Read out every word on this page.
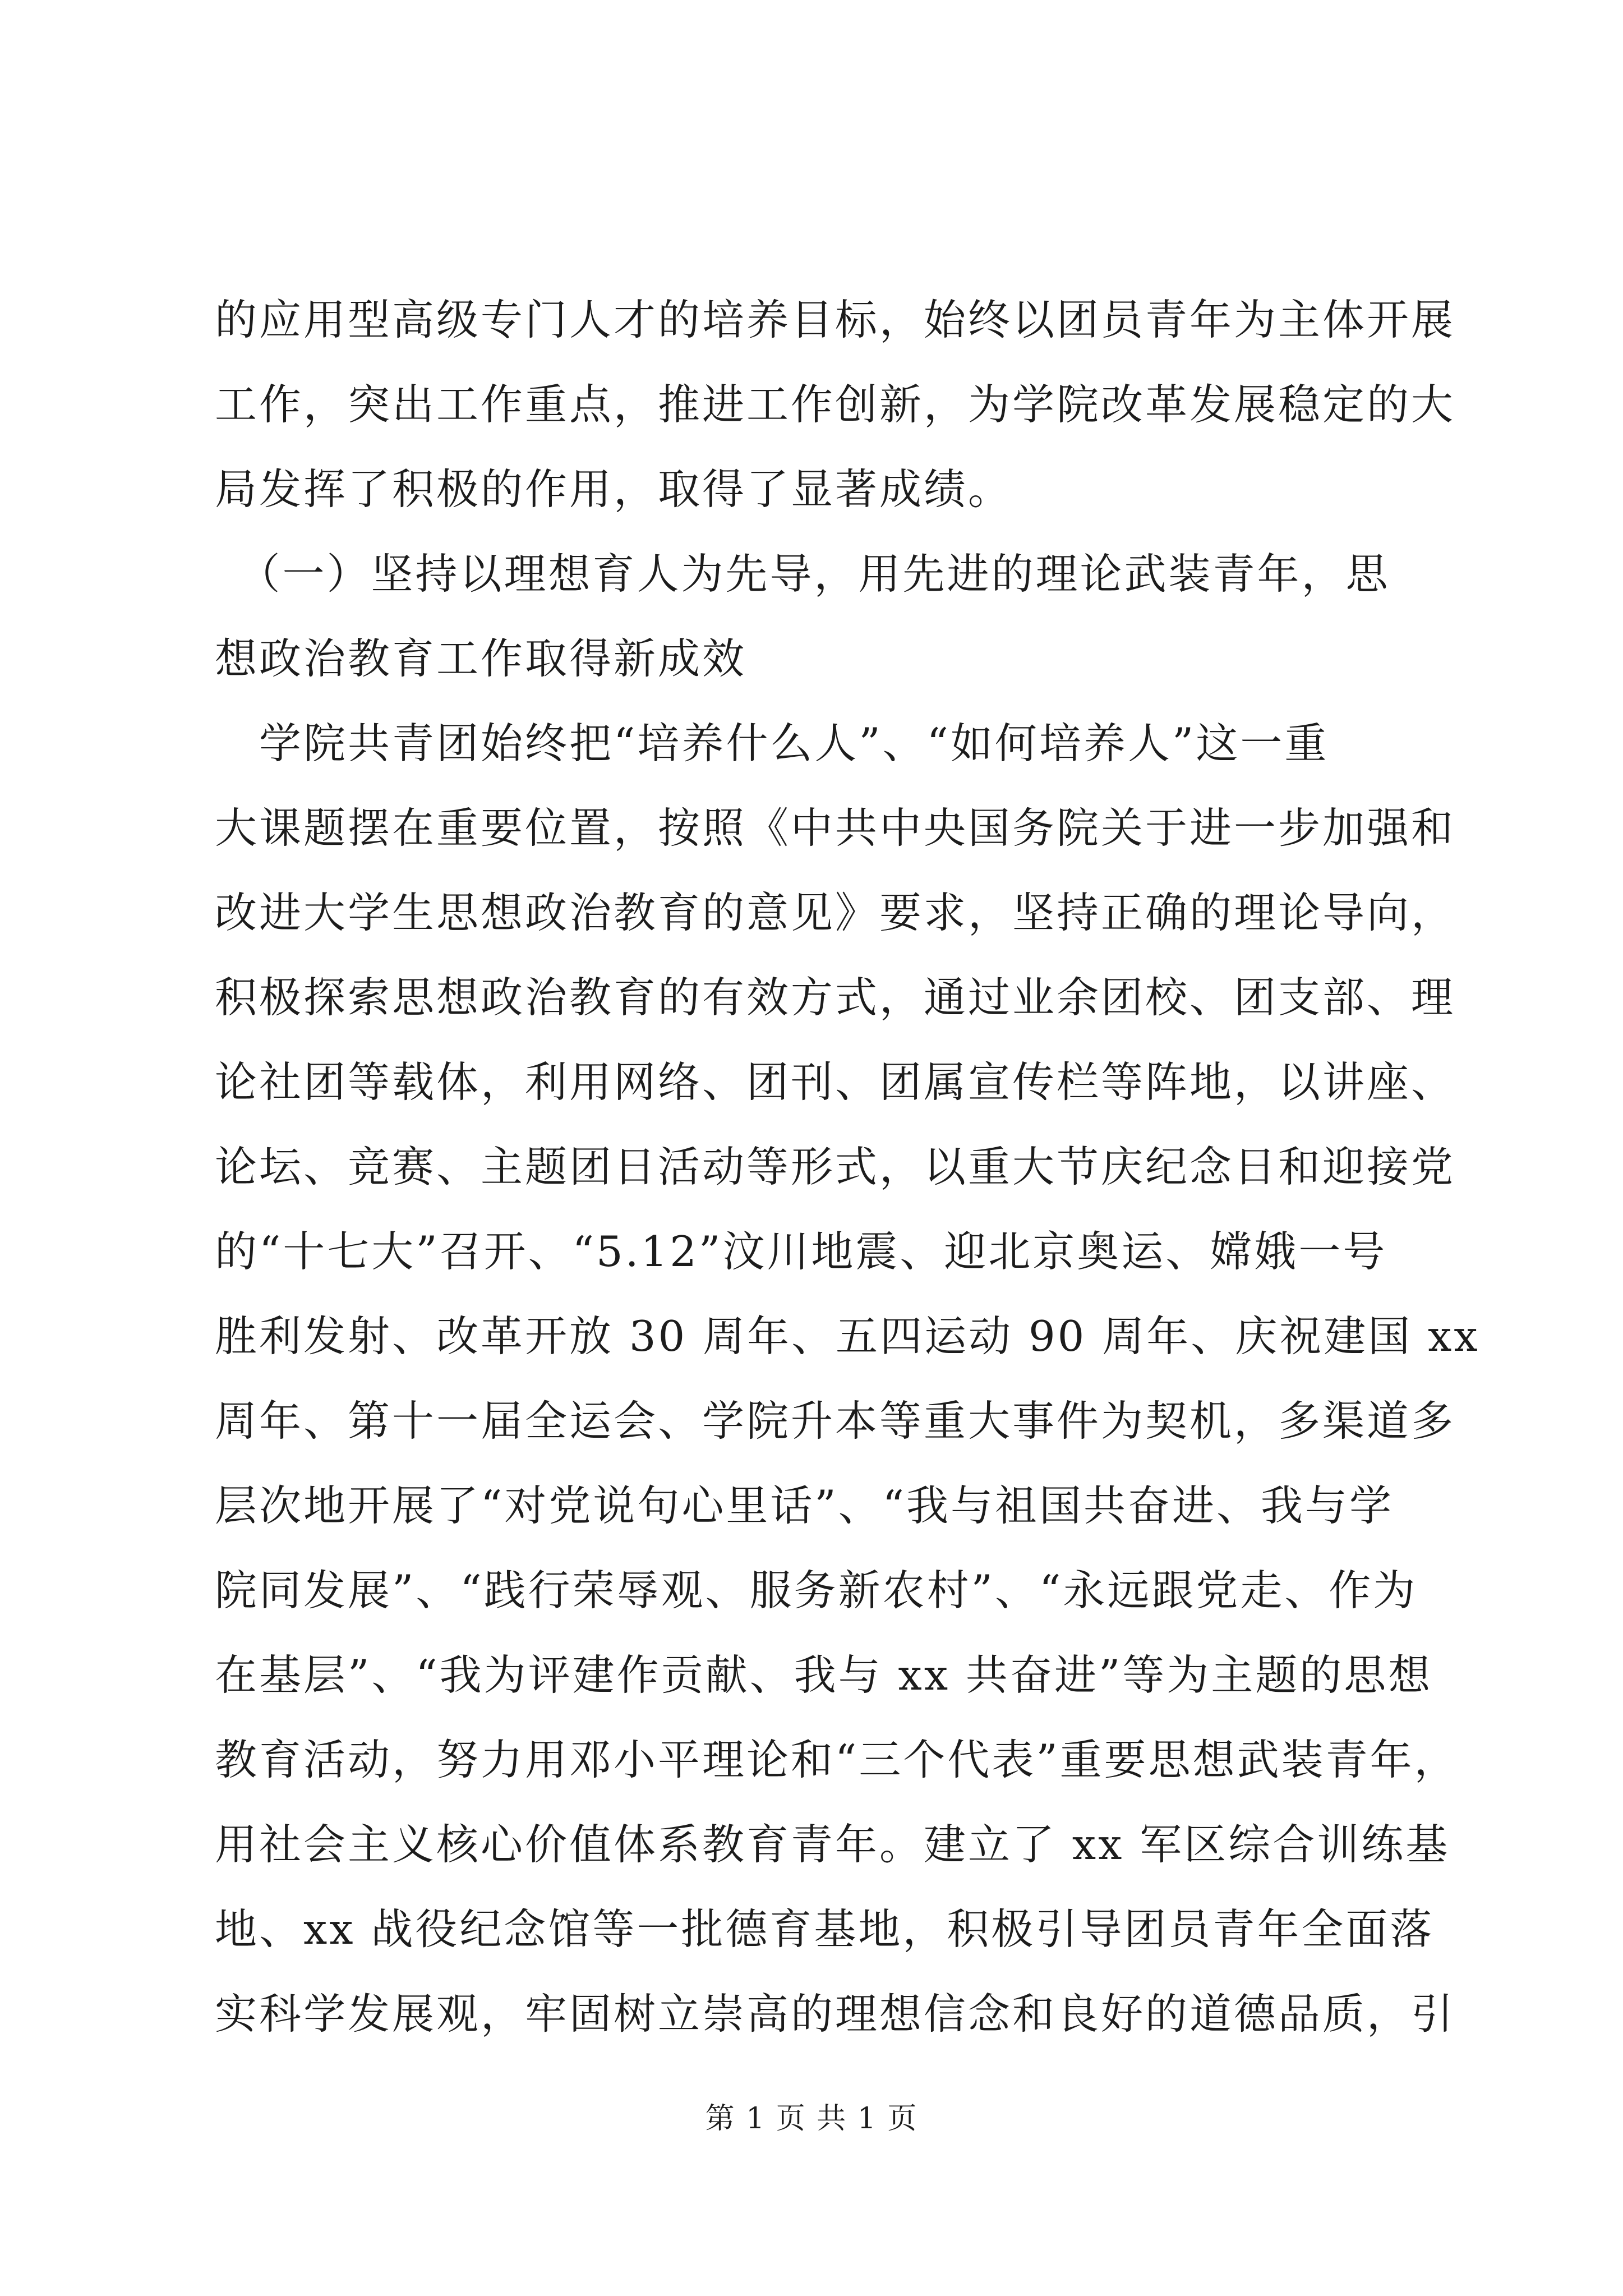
的应用型高级专门人才的培养目标，始终以团员青年为主体开展
工作，突出工作重点，推进工作创新，为学院改革发展稳定的大
局发挥了积极的作用，取得了显著成绩。
　（一）坚持以理想育人为先导，用先进的理论武装青年，思
想政治教育工作取得新成效
　学院共青团始终把“培养什么人”、“如何培养人”这一重
大课题摆在重要位置，按照《中共中央国务院关于进一步加强和
改进大学生思想政治教育的意见》要求，坚持正确的理论导向，
积极探索思想政治教育的有效方式，通过业余团校、团支部、理
论社团等载体，利用网络、团刊、团属宣传栏等阵地，以讲座、
论坛、竞赛、主题团日活动等形式，以重大节庆纪念日和迎接党
的“十七大”召开、“5.12”汶川地震、迎北京奥运、嫦娥一号
胜利发射、改革开放 30 周年、五四运动 90 周年、庆祝建国 xx
周年、第十一届全运会、学院升本等重大事件为契机，多渠道多
层次地开展了“对党说句心里话”、“我与祖国共奋进、我与学
院同发展”、“践行荣辱观、服务新农村”、“永远跟党走、作为
在基层”、“我为评建作贡献、我与 xx 共奋进”等为主题的思想
教育活动，努力用邓小平理论和“三个代表”重要思想武装青年，
用社会主义核心价值体系教育青年。建立了 xx 军区综合训练基
地、xx 战役纪念馆等一批德育基地，积极引导团员青年全面落
实科学发展观，牢固树立崇高的理想信念和良好的道德品质，引
第 1 页 共 1 页
